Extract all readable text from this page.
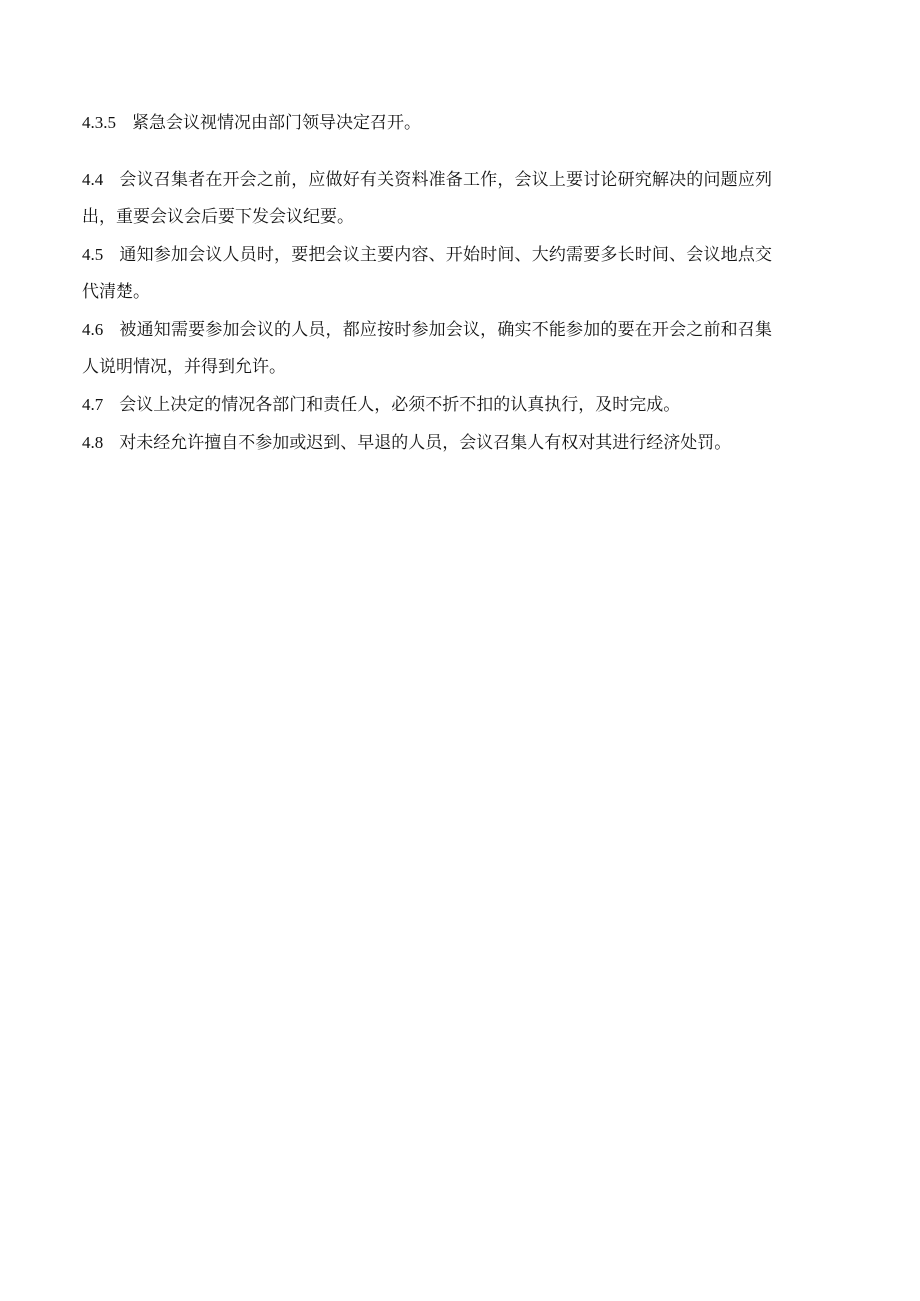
4.3.5 紧急会议视情况由部门领导决定召开。

4.4 会议召集者在开会之前，应做好有关资料准备工作，会议上要讨论研究解决的问题应列出，重要会议会后要下发会议纪要。

4.5 通知参加会议人员时，要把会议主要内容、开始时间、大约需要多长时间、会议地点交代清楚。

4.6 被通知需要参加会议的人员，都应按时参加会议，确实不能参加的要在开会之前和召集人说明情况，并得到允许。

4.7 会议上决定的情况各部门和责任人，必须不折不扣的认真执行，及时完成。

4.8 对未经允许擅自不参加或迟到、早退的人员，会议召集人有权对其进行经济处罚。
